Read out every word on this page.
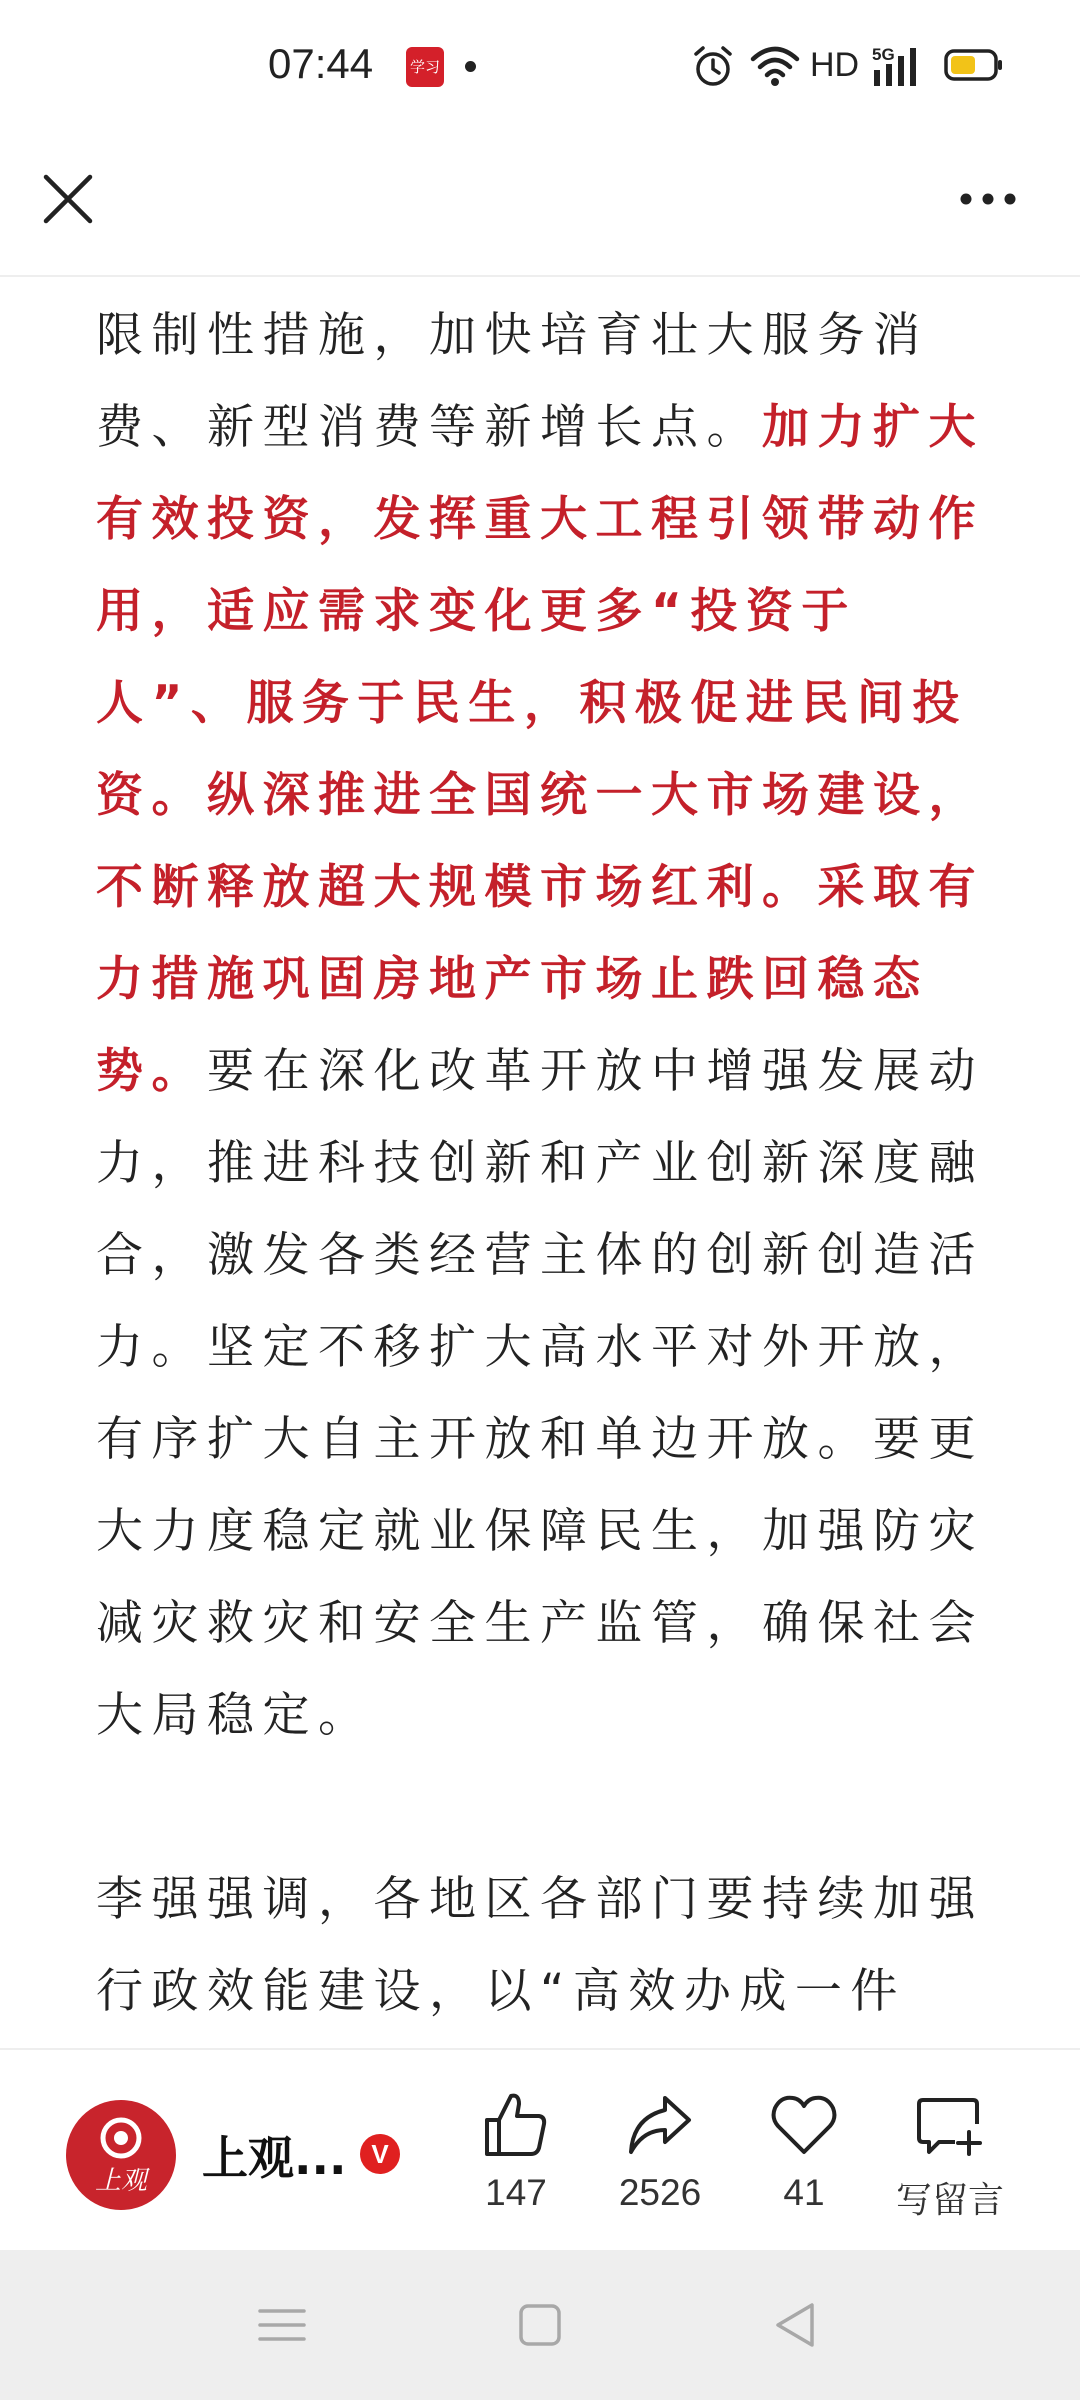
07:44 学习	HD 5G

限制性措施，加快培育壮大服务消费、新型消费等新增长点。加力扩大有效投资，发挥重大工程引领带动作用，适应需求变化更多“投资于人”、服务于民生，积极促进民间投资。纵深推进全国统一大市场建设，不断释放超大规模市场红利。采取有力措施巩固房地产市场止跌回稳态势。要在深化改革开放中增强发展动力，推进科技创新和产业创新深度融合，激发各类经营主体的创新创造活力。坚定不移扩大高水平对外开放，有序扩大自主开放和单边开放。要更大力度稳定就业保障民生，加强防灾减灾救灾和安全生产监管，确保社会大局稳定。

李强强调，各地区各部门要持续加强行政效能建设，以“高效办成一件

上观	上观... V
147	2526	41	写留言
